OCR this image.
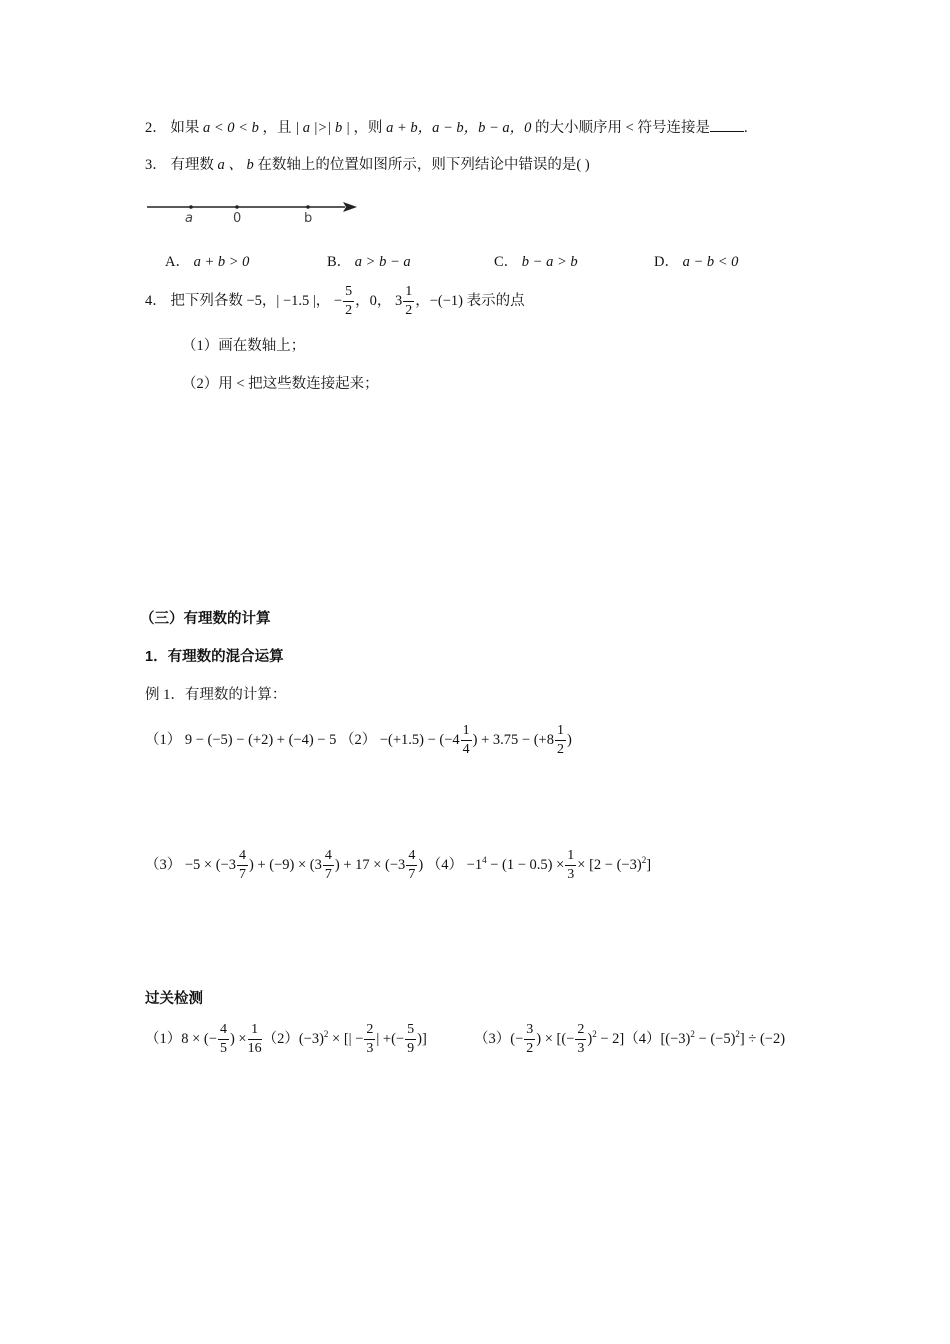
2． 如果 a < 0 < b ，且 | a |>| b | ，则 a + b，a − b，b − a，0 的大小顺序用 < 符号连接是 .
3． 有理数 a 、 b 在数轴上的位置如图所示，则下列结论中错误的是( )
a	0	b
A． a + b > 0	B． a > b − a	C． b − a > b	D． a − b < 0
4． 把下列各数 −5，| −1.5 |， − $\frac{5}{2}$ ，0， $3 \frac{1}{2}$ ，−(−1) 表示的点
（1）画在数轴上；
（2）用 < 把这些数连接起来；
（三）有理数的计算
1．有理数的混合运算
例 1．有理数的计算：
（1） 9 − (−5) − (+2) + (−4) − 5 $(2) -(+1.5) - (-4 \frac{1}{4}$ ) + $3.75 - (+8 \frac{1}{2}$ )
$(3) -5 \times (-3 \frac{4}{7}$ ) + $(-9) \times (3 \frac{4}{7}$ ) + $17 \times (-3 \frac{4}{7}$ ) $(4) -1^4 - (1 - 0.5) \times \frac{1}{3} \times [2 - (-3)^2]$
过关检测
（1）8 × (− $\frac{4}{5}$ ) × $\frac{1}{16} (2)(-3)^2$ × [| − $\frac{2}{3}$ | +(− $\frac{5}{9}$ )]	$(3)(- \frac{3}{2}$ ) × [(− $\frac{2}{3} )^2 - 2](4)[(-3)^2 - (-5)^2] \div (-2)$
